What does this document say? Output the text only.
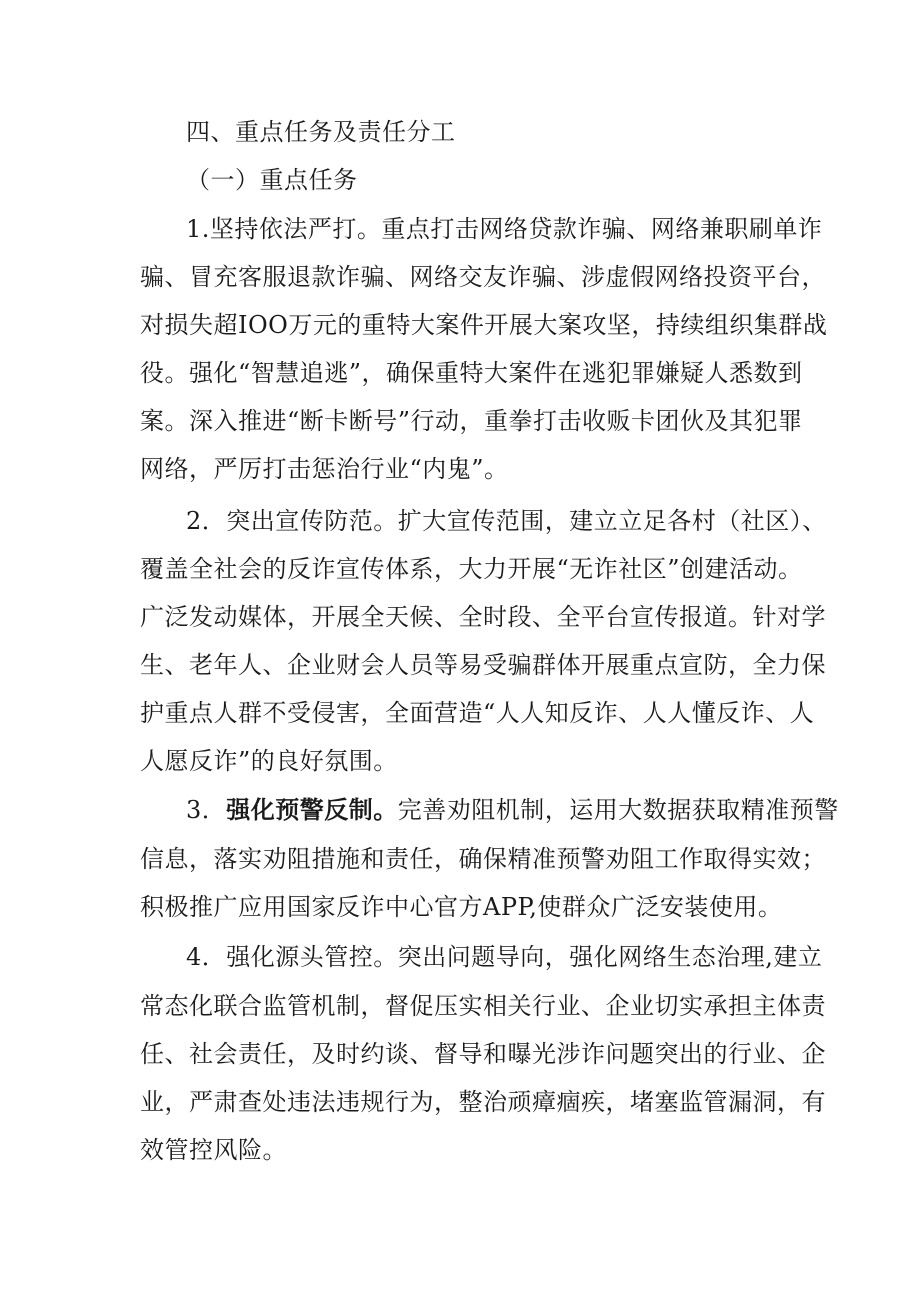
四、重点任务及责任分工
（一）重点任务
1.坚持依法严打。重点打击网络贷款诈骗、网络兼职刷单诈
骗、冒充客服退款诈骗、网络交友诈骗、涉虚假网络投资平台，
对损失超IOO万元的重特大案件开展大案攻坚，持续组织集群战
役。强化“智慧追逃”，确保重特大案件在逃犯罪嫌疑人悉数到
案。深入推进“断卡断号”行动，重拳打击收贩卡团伙及其犯罪
网络，严厉打击惩治行业“内鬼”。
2．突出宣传防范。扩大宣传范围，建立立足各村（社区）、
覆盖全社会的反诈宣传体系，大力开展“无诈社区”创建活动。
广泛发动媒体，开展全天候、全时段、全平台宣传报道。针对学
生、老年人、企业财会人员等易受骗群体开展重点宣防，全力保
护重点人群不受侵害，全面营造“人人知反诈、人人懂反诈、人
人愿反诈”的良好氛围。
3．强化预警反制。完善劝阻机制，运用大数据获取精准预警
信息，落实劝阻措施和责任，确保精准预警劝阻工作取得实效；
积极推广应用国家反诈中心官方APP,使群众广泛安装使用。
4．强化源头管控。突出问题导向，强化网络生态治理,建立
常态化联合监管机制，督促压实相关行业、企业切实承担主体责
任、社会责任，及时约谈、督导和曝光涉诈问题突出的行业、企
业，严肃查处违法违规行为，整治顽瘴痼疾，堵塞监管漏洞，有
效管控风险。
